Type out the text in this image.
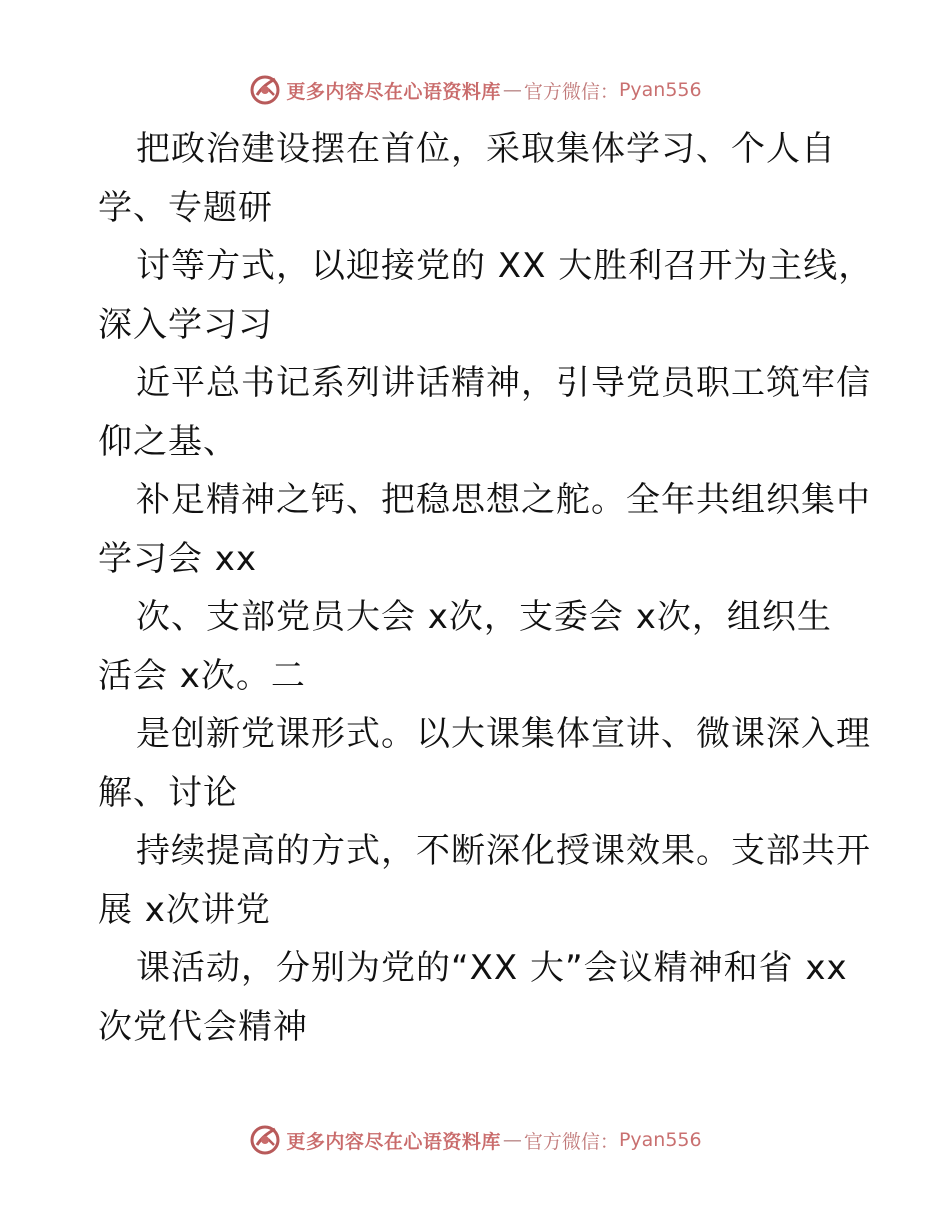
更多内容尽在心语资料库 — 官方微信： Pyan556
把政治建设摆在首位，采取集体学习、个人自
学、专题研
讨等方式，以迎接党的 XX 大胜利召开为主线，
深入学习习
近平总书记系列讲话精神，引导党员职工筑牢信
仰之基、
补足精神之钙、把稳思想之舵。全年共组织集中
学习会 xx
次、支部党员大会 x次，支委会 x次，组织生
活会 x次。二
是创新党课形式。以大课集体宣讲、微课深入理
解、讨论
持续提高的方式，不断深化授课效果。支部共开
展 x次讲党
课活动，分别为党的“XX 大”会议精神和省 xx
次党代会精神
更多内容尽在心语资料库 — 官方微信： Pyan556
